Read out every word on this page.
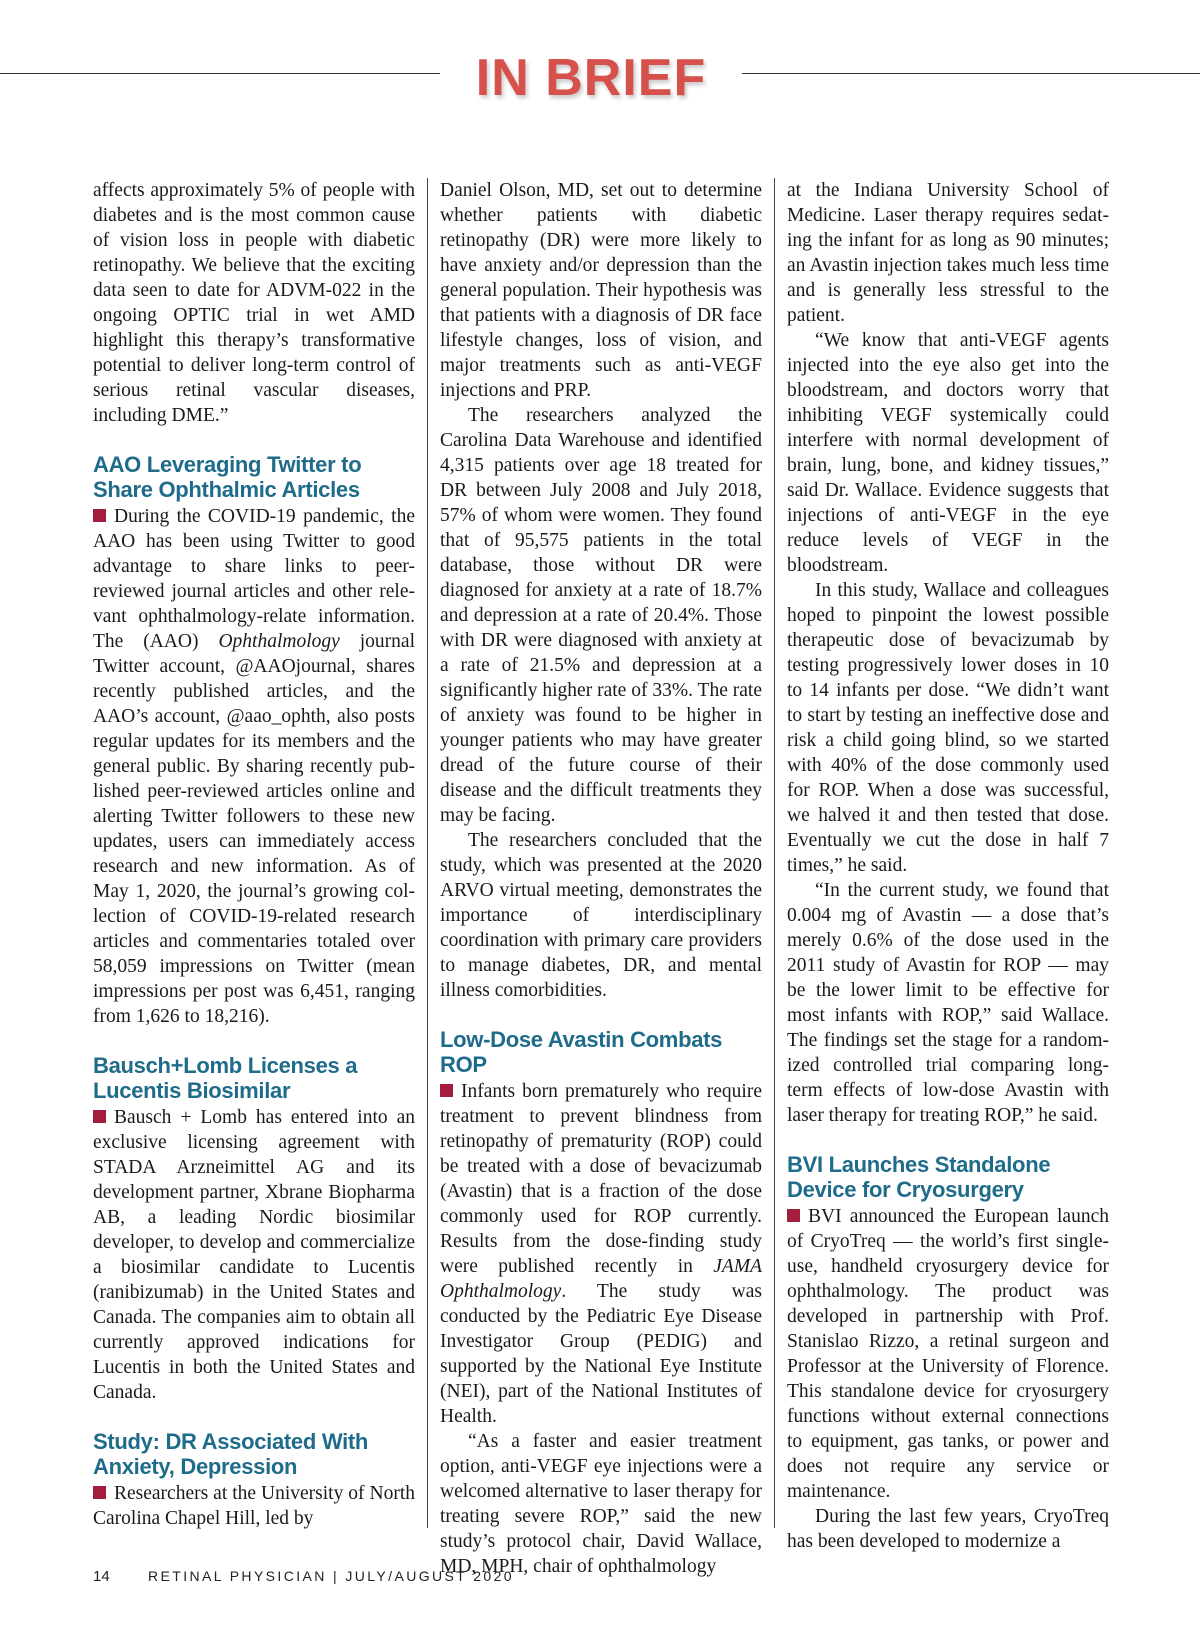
IN BRIEF

affects approximately 5% of people with diabetes and is the most common cause of vision loss in people with diabetic retinopathy. We believe that the exciting data seen to date for ADVM-022 in the ongoing OPTIC trial in wet AMD highlight this therapy’s transformative potential to deliver long-term control of serious retinal vascular diseases, including DME.”

AAO Leveraging Twitter to Share Ophthalmic Articles

During the COVID-19 pandemic, the AAO has been using Twitter to good advantage to share links to peer-reviewed journal articles and other relevant ophthalmology-relate information. The (AAO) Ophthalmology journal Twitter account, @AAOjournal, shares recently published articles, and the AAO’s account, @aao_ophth, also posts regular updates for its members and the general public. By sharing recently published peer-reviewed articles online and alerting Twitter followers to these new updates, users can immediately access research and new information. As of May 1, 2020, the journal’s growing collection of COVID-19-related research articles and commentaries totaled over 58,059 impressions on Twitter (mean impressions per post was 6,451, ranging from 1,626 to 18,216).

Bausch+Lomb Licenses a Lucentis Biosimilar

Bausch + Lomb has entered into an exclusive licensing agreement with STADA Arzneimittel AG and its development partner, Xbrane Biopharma AB, a leading Nordic biosimilar developer, to develop and commercialize a biosimilar candidate to Lucentis (ranibizumab) in the United States and Canada. The companies aim to obtain all currently approved indications for Lucentis in both the United States and Canada.

Study: DR Associated With Anxiety, Depression

Researchers at the University of North Carolina Chapel Hill, led by

Daniel Olson, MD, set out to determine whether patients with diabetic retinopathy (DR) were more likely to have anxiety and/or depression than the general population. Their hypothesis was that patients with a diagnosis of DR face lifestyle changes, loss of vision, and major treatments such as anti-VEGF injections and PRP.

The researchers analyzed the Carolina Data Warehouse and identified 4,315 patients over age 18 treated for DR between July 2008 and July 2018, 57% of whom were women. They found that of 95,575 patients in the total database, those without DR were diagnosed for anxiety at a rate of 18.7% and depression at a rate of 20.4%. Those with DR were diagnosed with anxiety at a rate of 21.5% and depression at a significantly higher rate of 33%. The rate of anxiety was found to be higher in younger patients who may have greater dread of the future course of their disease and the difficult treatments they may be facing.

The researchers concluded that the study, which was presented at the 2020 ARVO virtual meeting, demonstrates the importance of interdisciplinary coordination with primary care providers to manage diabetes, DR, and mental illness comorbidities.

Low-Dose Avastin Combats ROP

Infants born prematurely who require treatment to prevent blindness from retinopathy of prematurity (ROP) could be treated with a dose of bevacizumab (Avastin) that is a fraction of the dose commonly used for ROP currently. Results from the dose-finding study were published recently in JAMA Ophthalmology. The study was conducted by the Pediatric Eye Disease Investigator Group (PEDIG) and supported by the National Eye Institute (NEI), part of the National Institutes of Health.

“As a faster and easier treatment option, anti-VEGF eye injections were a welcomed alternative to laser therapy for treating severe ROP,” said the new study’s protocol chair, David Wallace, MD, MPH, chair of ophthalmology

at the Indiana University School of Medicine. Laser therapy requires sedating the infant for as long as 90 minutes; an Avastin injection takes much less time and is generally less stressful to the patient.

“We know that anti-VEGF agents injected into the eye also get into the bloodstream, and doctors worry that inhibiting VEGF systemically could interfere with normal development of brain, lung, bone, and kidney tissues,” said Dr. Wallace. Evidence suggests that injections of anti-VEGF in the eye reduce levels of VEGF in the bloodstream.

In this study, Wallace and colleagues hoped to pinpoint the lowest possible therapeutic dose of bevacizumab by testing progressively lower doses in 10 to 14 infants per dose. “We didn’t want to start by testing an ineffective dose and risk a child going blind, so we started with 40% of the dose commonly used for ROP. When a dose was successful, we halved it and then tested that dose. Eventually we cut the dose in half 7 times,” he said.

“In the current study, we found that 0.004 mg of Avastin — a dose that’s merely 0.6% of the dose used in the 2011 study of Avastin for ROP — may be the lower limit to be effective for most infants with ROP,” said Wallace. The findings set the stage for a randomized controlled trial comparing long-term effects of low-dose Avastin with laser therapy for treating ROP,” he said.

BVI Launches Standalone Device for Cryosurgery

BVI announced the European launch of CryoTreq — the world’s first single-use, handheld cryosurgery device for ophthalmology. The product was developed in partnership with Prof. Stanislao Rizzo, a retinal surgeon and Professor at the University of Florence. This standalone device for cryosurgery functions without external connections to equipment, gas tanks, or power and does not require any service or maintenance.

During the last few years, CryoTreq has been developed to modernize a

14	RETINAL PHYSICIAN | JULY/AUGUST 2020
